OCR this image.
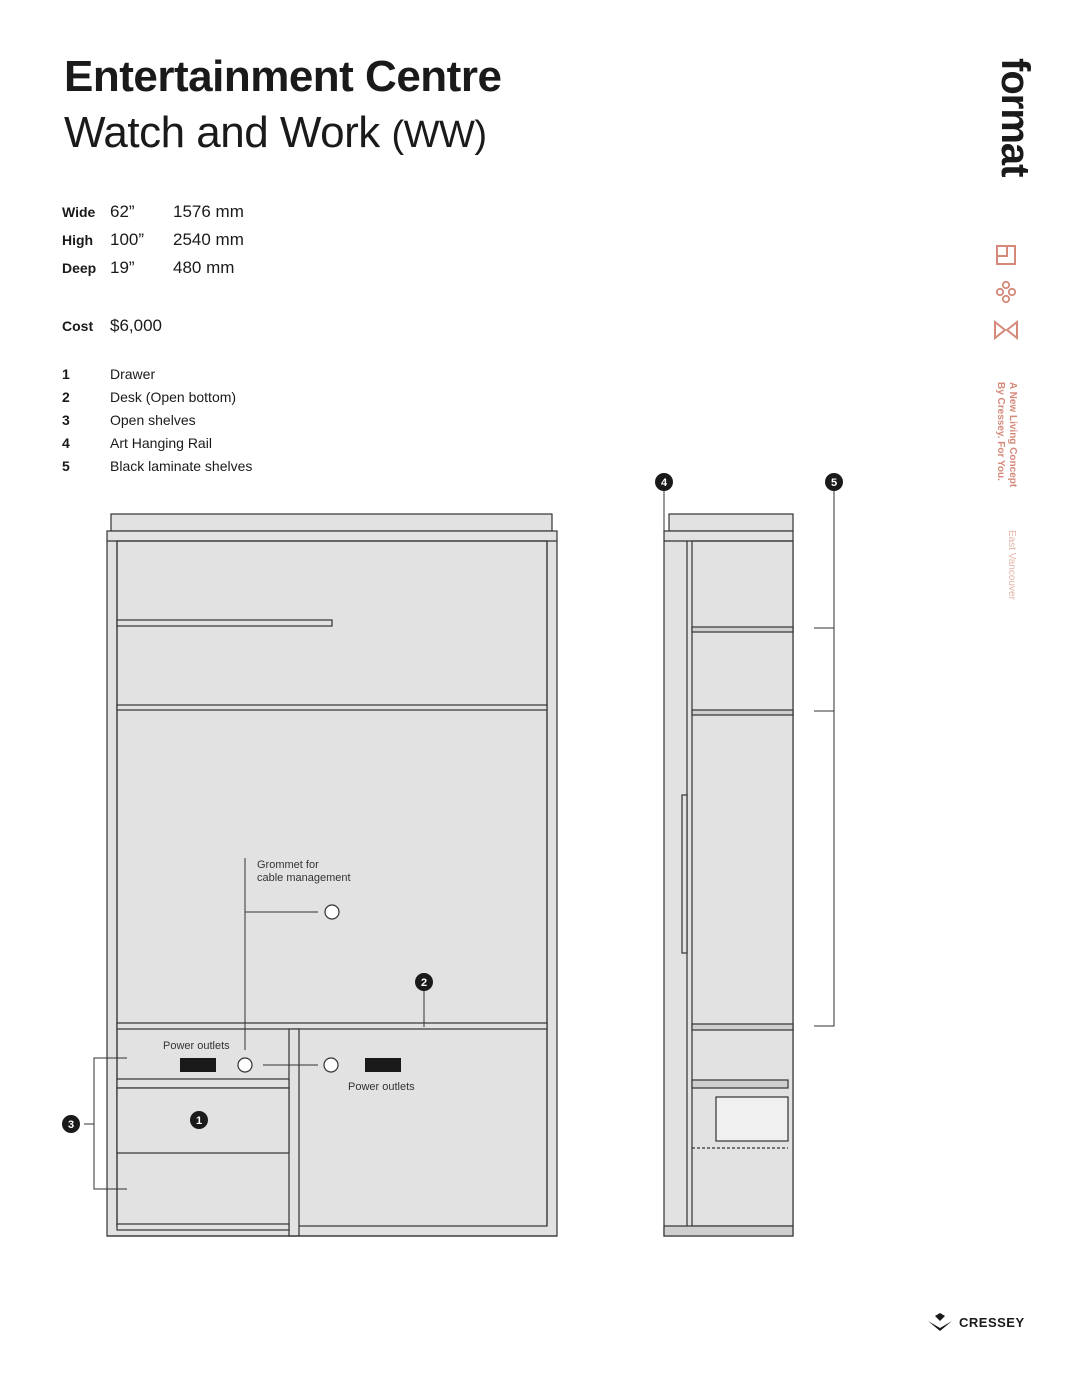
Entertainment Centre
Watch and Work (WW)
Wide 62”	1576 mm
High 100”	2540 mm
Deep 19”	480 mm
Cost $6,000
1	Drawer
2	Desk (Open bottom)
3	Open shelves
4	Art Hanging Rail
5	Black laminate shelves
format
A New Living Concept
By Cressey. For You.
East Vancouver
Grommet for
cable management
Power outlets
Power outlets
1
2
3
4	5
CRESSEY
